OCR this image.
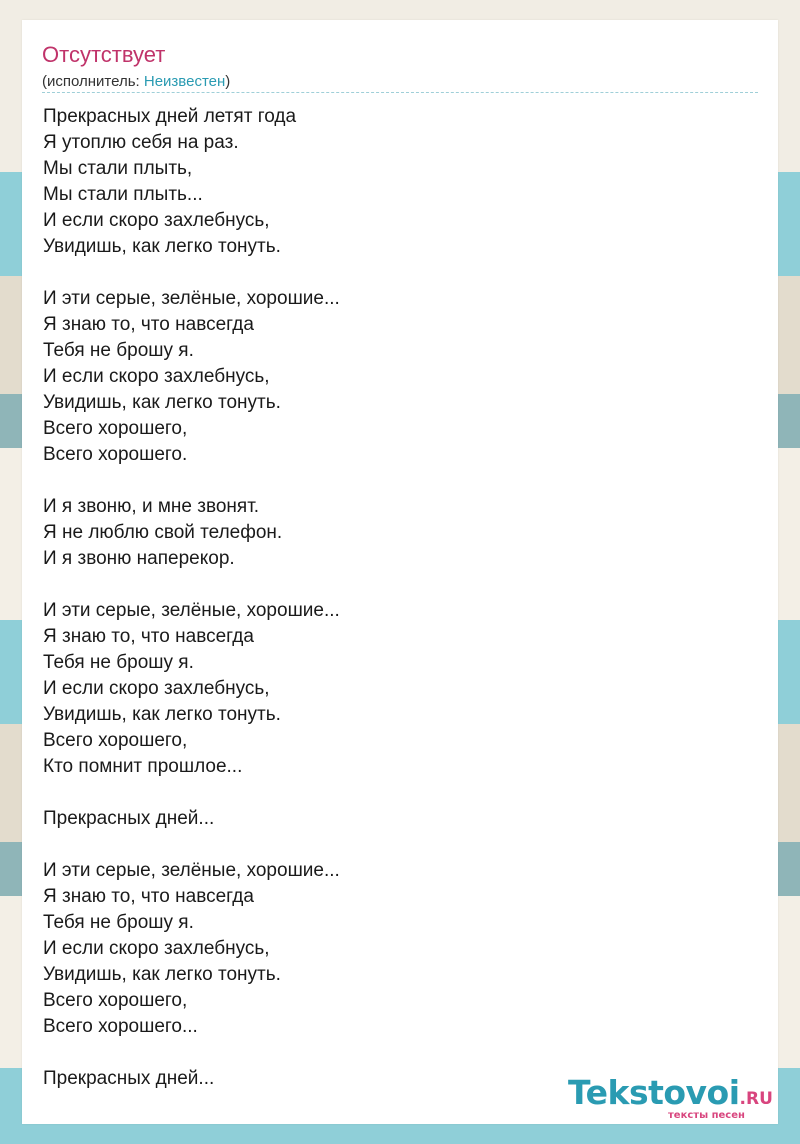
Отсутствует
(исполнитель: Неизвестен)
Прекрасных дней летят года
Я утоплю себя на раз.
Мы стали плыть,
Мы стали плыть...
И если скоро захлебнусь,
Увидишь, как легко тонуть.
И эти серые, зелёные, хорошие...
Я знаю то, что навсегда
Тебя не брошу я.
И если скоро захлебнусь,
Увидишь, как легко тонуть.
Всего хорошего,
Всего хорошего.
И я звоню, и мне звонят.
Я не люблю свой телефон.
И я звоню наперекор.
И эти серые, зелёные, хорошие...
Я знаю то, что навсегда
Тебя не брошу я.
И если скоро захлебнусь,
Увидишь, как легко тонуть.
Всего хорошего,
Кто помнит прошлое...
Прекрасных дней...
И эти серые, зелёные, хорошие...
Я знаю то, что навсегда
Тебя не брошу я.
И если скоро захлебнусь,
Увидишь, как легко тонуть.
Всего хорошего,
Всего хорошего...
Прекрасных дней...	Tekstovoi.RU
тексты песен
